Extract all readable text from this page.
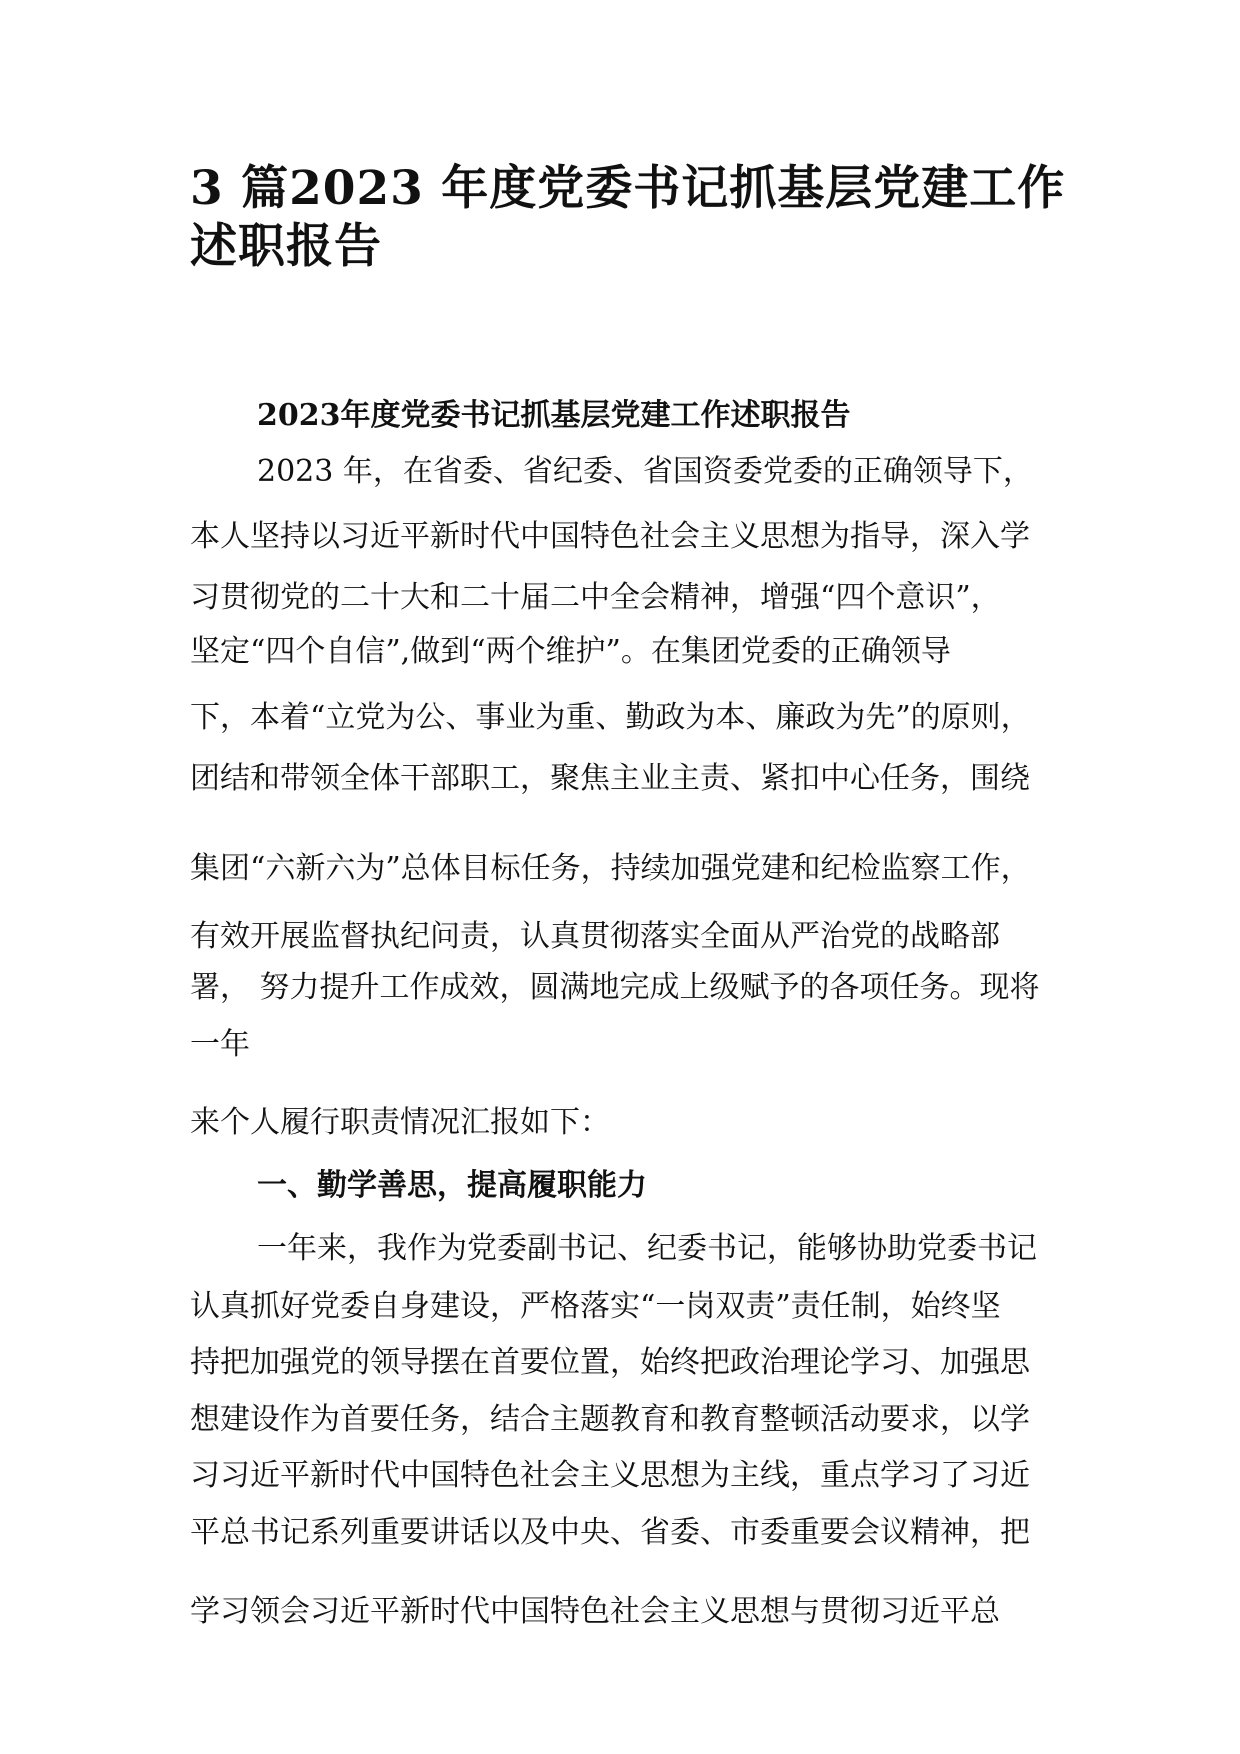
3 篇2023 年度党委书记抓基层党建工作述职报告
2023年度党委书记抓基层党建工作述职报告
2023 年，在省委、省纪委、省国资委党委的正确领导下，
本人坚持以习近平新时代中国特色社会主义思想为指导，深入学
习贯彻党的二十大和二十届二中全会精神，增强“四个意识”，
坚定“四个自信”,做到“两个维护”。在集团党委的正确领导
下，本着“立党为公、事业为重、勤政为本、廉政为先”的原则，
团结和带领全体干部职工，聚焦主业主责、紧扣中心任务，围绕
集团“六新六为”总体目标任务，持续加强党建和纪检监察工作，
有效开展监督执纪问责，认真贯彻落实全面从严治党的战略部
署， 努力提升工作成效，圆满地完成上级赋予的各项任务。现将
一年
来个人履行职责情况汇报如下：
一、勤学善思，提高履职能力
一年来，我作为党委副书记、纪委书记，能够协助党委书记
认真抓好党委自身建设，严格落实“一岗双责”责任制，始终坚
持把加强党的领导摆在首要位置，始终把政治理论学习、加强思
想建设作为首要任务，结合主题教育和教育整顿活动要求，以学
习习近平新时代中国特色社会主义思想为主线，重点学习了习近
平总书记系列重要讲话以及中央、省委、市委重要会议精神，把
学习领会习近平新时代中国特色社会主义思想与贯彻习近平总
